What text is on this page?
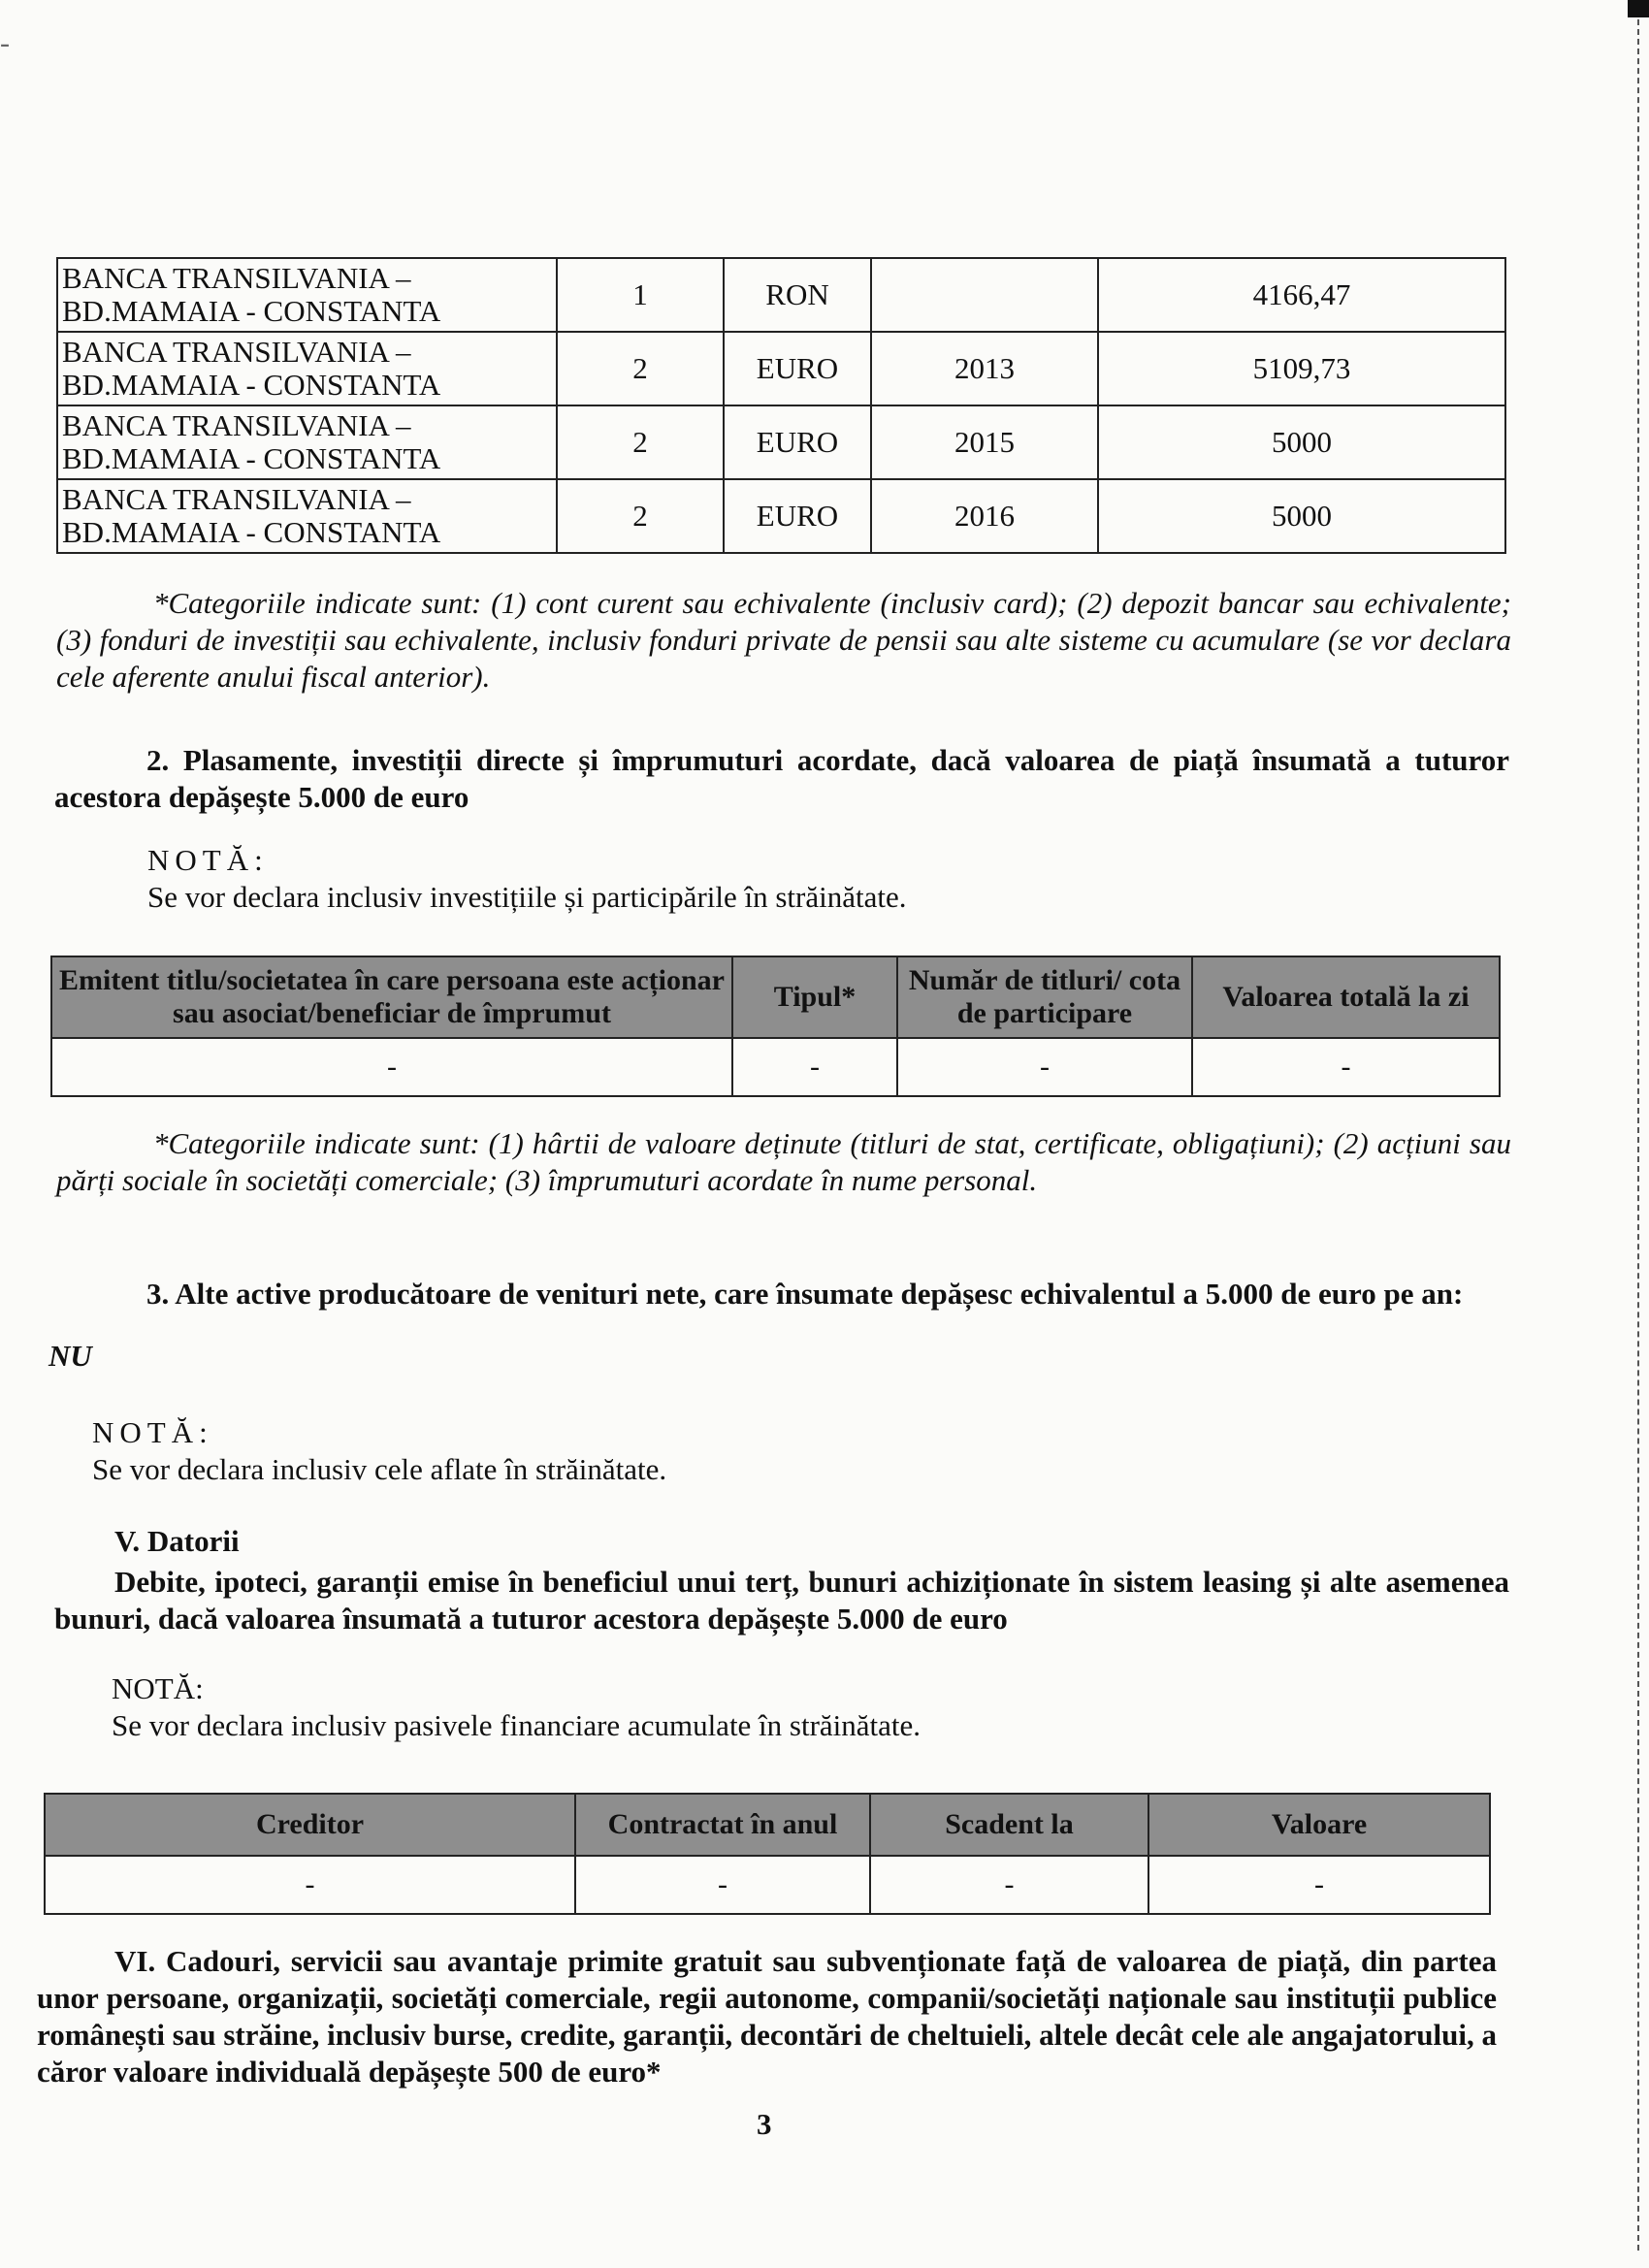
-
BANCA TRANSILVANIA –
BD.MAMAIA - CONSTANTA	1	RON		4166,47

BANCA TRANSILVANIA –
BD.MAMAIA - CONSTANTA	2	EURO	2013	5109,73

BANCA TRANSILVANIA –
BD.MAMAIA - CONSTANTA	2	EURO	2015	5000

BANCA TRANSILVANIA –
BD.MAMAIA - CONSTANTA	2	EURO	2016	5000
*Categoriile indicate sunt: (1) cont curent sau echivalente (inclusiv card); (2) depozit bancar sau echivalente; (3) fonduri de investiții sau echivalente, inclusiv fonduri private de pensii sau alte sisteme cu acumulare (se vor declara cele aferente anului fiscal anterior).
2. Plasamente, investiții directe și împrumuturi acordate, dacă valoarea de piață însumată a tuturor acestora depășește 5.000 de euro
NOTĂ:
Se vor declara inclusiv investițiile și participările în străinătate.
Emitent titlu/societatea în care persoana este acționar sau asociat/beneficiar de împrumut	Tipul*	Număr de titluri/ cota de participare	Valoarea totală la zi
-	-	-	-
*Categoriile indicate sunt: (1) hârtii de valoare deținute (titluri de stat, certificate, obligațiuni); (2) acțiuni sau părți sociale în societăți comerciale; (3) împrumuturi acordate în nume personal.
3. Alte active producătoare de venituri nete, care însumate depășesc echivalentul a 5.000 de euro pe an:
NU
NOTĂ:
Se vor declara inclusiv cele aflate în străinătate.
V. Datorii
Debite, ipoteci, garanții emise în beneficiul unui terț, bunuri achiziționate în sistem leasing și alte asemenea bunuri, dacă valoarea însumată a tuturor acestora depășește 5.000 de euro
NOTĂ:
Se vor declara inclusiv pasivele financiare acumulate în străinătate.
Creditor	Contractat în anul	Scadent la	Valoare
-	-	-	-
VI. Cadouri, servicii sau avantaje primite gratuit sau subvenționate față de valoarea de piață, din partea unor persoane, organizații, societăți comerciale, regii autonome, companii/societăți naționale sau instituții publice românești sau străine, inclusiv burse, credite, garanții, decontări de cheltuieli, altele decât cele ale angajatorului, a căror valoare individuală depășește 500 de euro*
3
